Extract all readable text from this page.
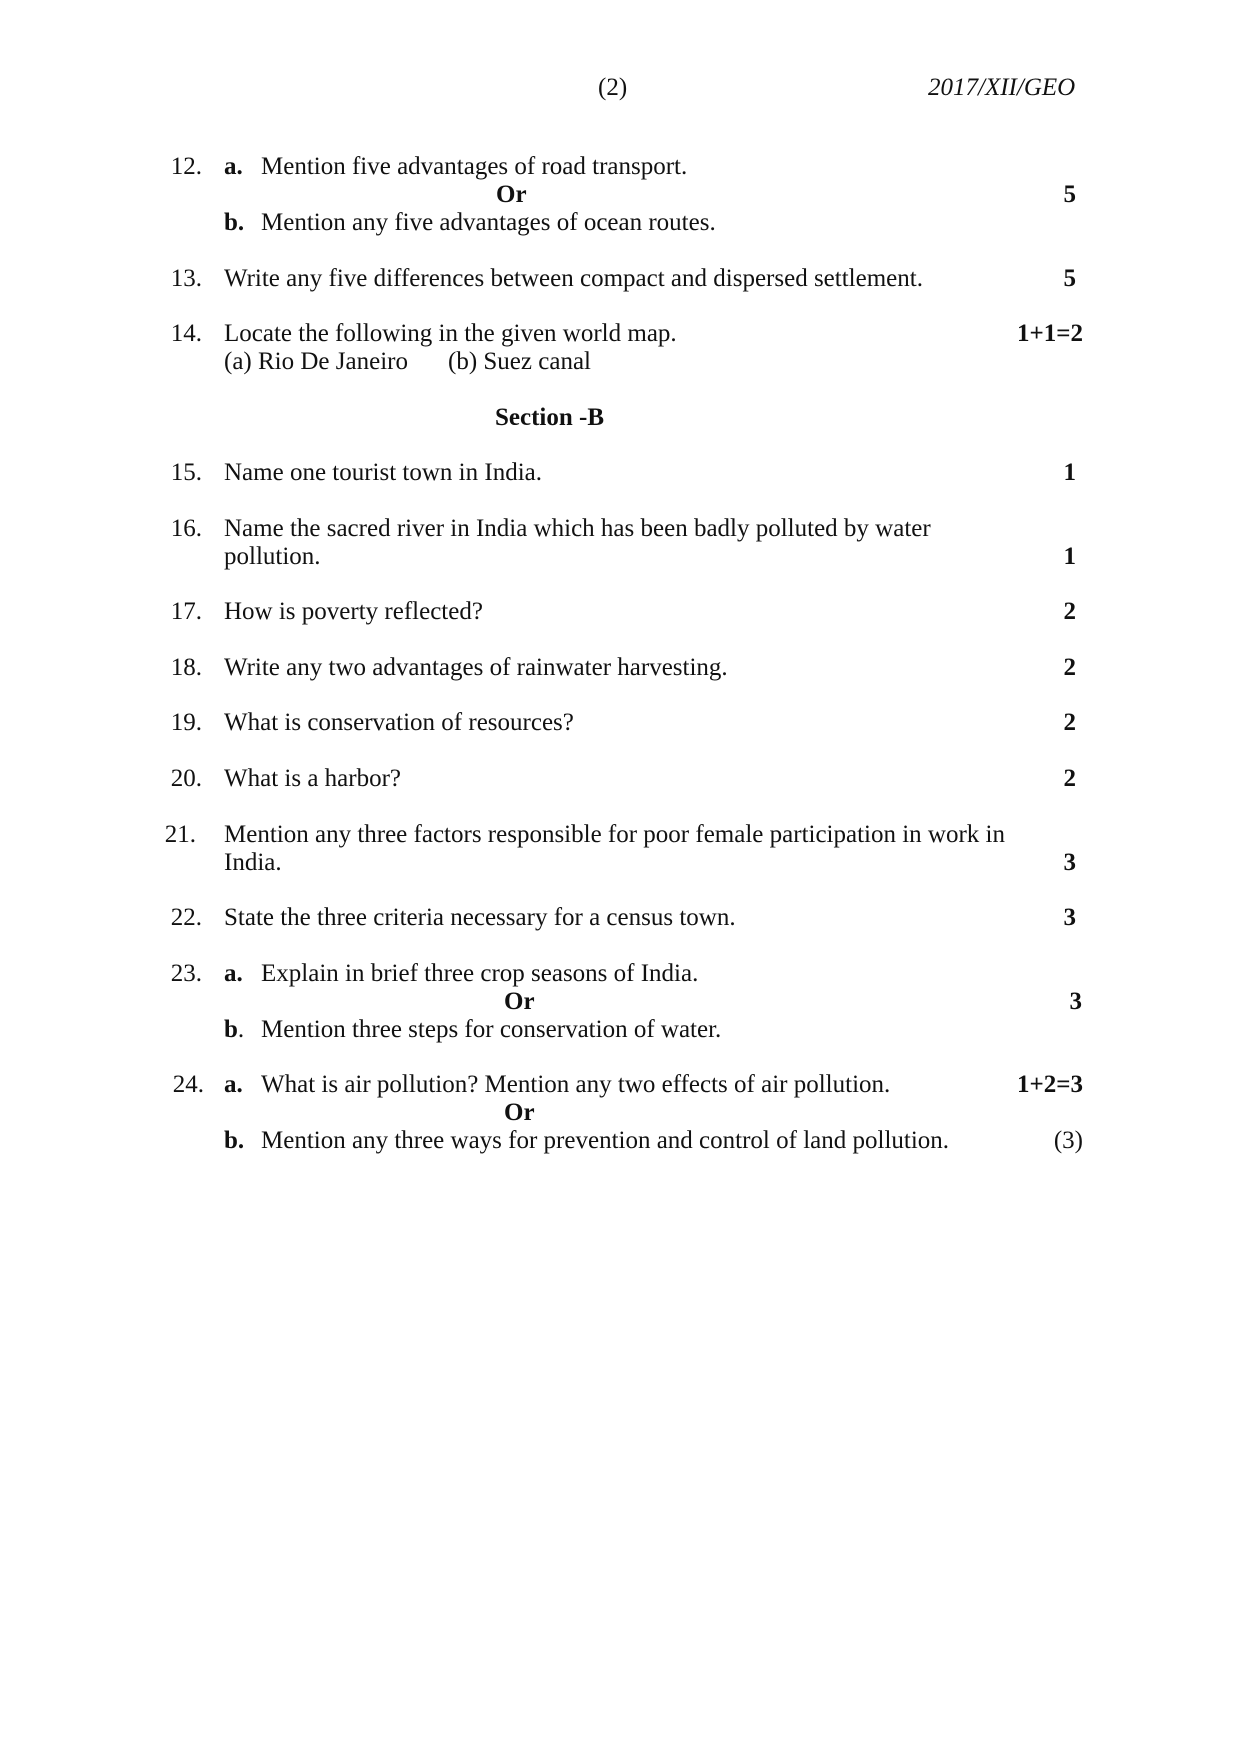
(2)	2017/XII/GEO
12. a. Mention five advantages of road transport.
Or	5
b. Mention any five advantages of ocean routes.
13. Write any five differences between compact and dispersed settlement.	5
14. Locate the following in the given world map.	1+1=2
(a) Rio De Janeiro (b) Suez canal
Section -B
15. Name one tourist town in India.	1
16. Name the sacred river in India which has been badly polluted by water
pollution.	1
17. How is poverty reflected?	2
18. Write any two advantages of rainwater harvesting.	2
19. What is conservation of resources?	2
20. What is a harbor?	2
21. Mention any three factors responsible for poor female participation in work in
India.	3
22. State the three criteria necessary for a census town.	3
23. a. Explain in brief three crop seasons of India.
Or	3
b. Mention three steps for conservation of water.
24. a. What is air pollution? Mention any two effects of air pollution.	1+2=3
Or
b. Mention any three ways for prevention and control of land pollution.	(3)
